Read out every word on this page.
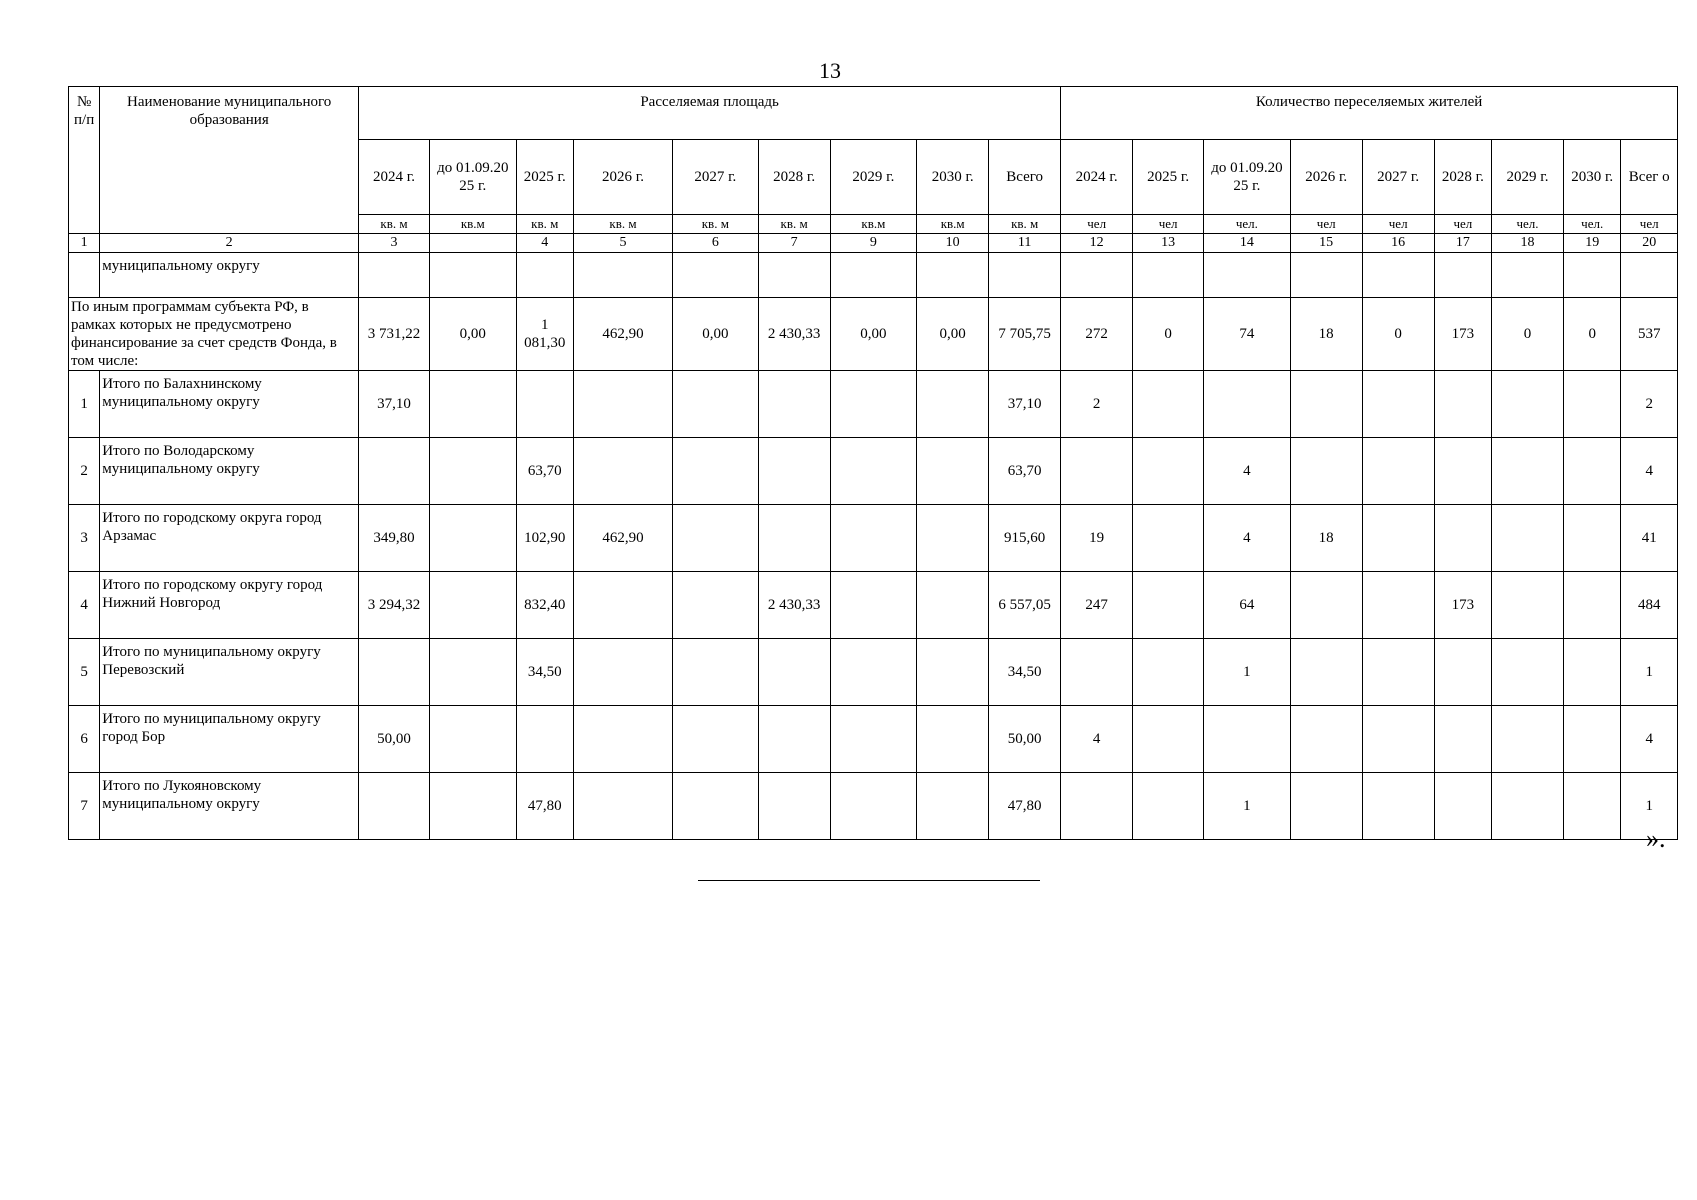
13
№ п/п	Наименование муниципального образования	Расселяемая площадь									Количество переселяемых жителей								
		2024 г.	до 01.09.20 25 г.	2025 г.	2026 г.	2027 г.	2028 г.	2029 г.	2030 г.	Всего	2024 г.	2025 г.	до 01.09.20 25 г.	2026 г.	2027 г.	2028 г.	2029 г.	2030 г.	Всег о
		кв. м	кв.м	кв. м	кв. м	кв. м	кв. м	кв.м	кв.м	кв. м	чел	чел	чел.	чел	чел	чел	чел.	чел.	чел
1	2	3		4	5	6	7	9	10	11	12	13	14	15	16	17	18	19	20
	муниципальному округу																		
По иным программам субъекта РФ, в рамках которых не предусмотрено финансирование за счет средств Фонда, в том числе:		3 731,22	0,00	1 081,30	462,90	0,00	2 430,33	0,00	0,00	7 705,75	272	0	74	18	0	173	0	0	537
1	Итого по Балахнинскому муниципальному округу	37,10								37,10	2								2
2	Итого по Володарскому муниципальному округу			63,70						63,70			4						4
3	Итого по городскому округа город Арзамас	349,80		102,90	462,90					915,60	19		4	18					41
4	Итого по городскому округу город Нижний Новгород	3 294,32		832,40			2 430,33			6 557,05	247		64			173			484
5	Итого по муниципальному округу Перевозский			34,50						34,50			1						1
6	Итого по муниципальному округу город Бор	50,00								50,00	4								4
7	Итого по Лукояновскому муниципальному округу			47,80						47,80			1						1
».
